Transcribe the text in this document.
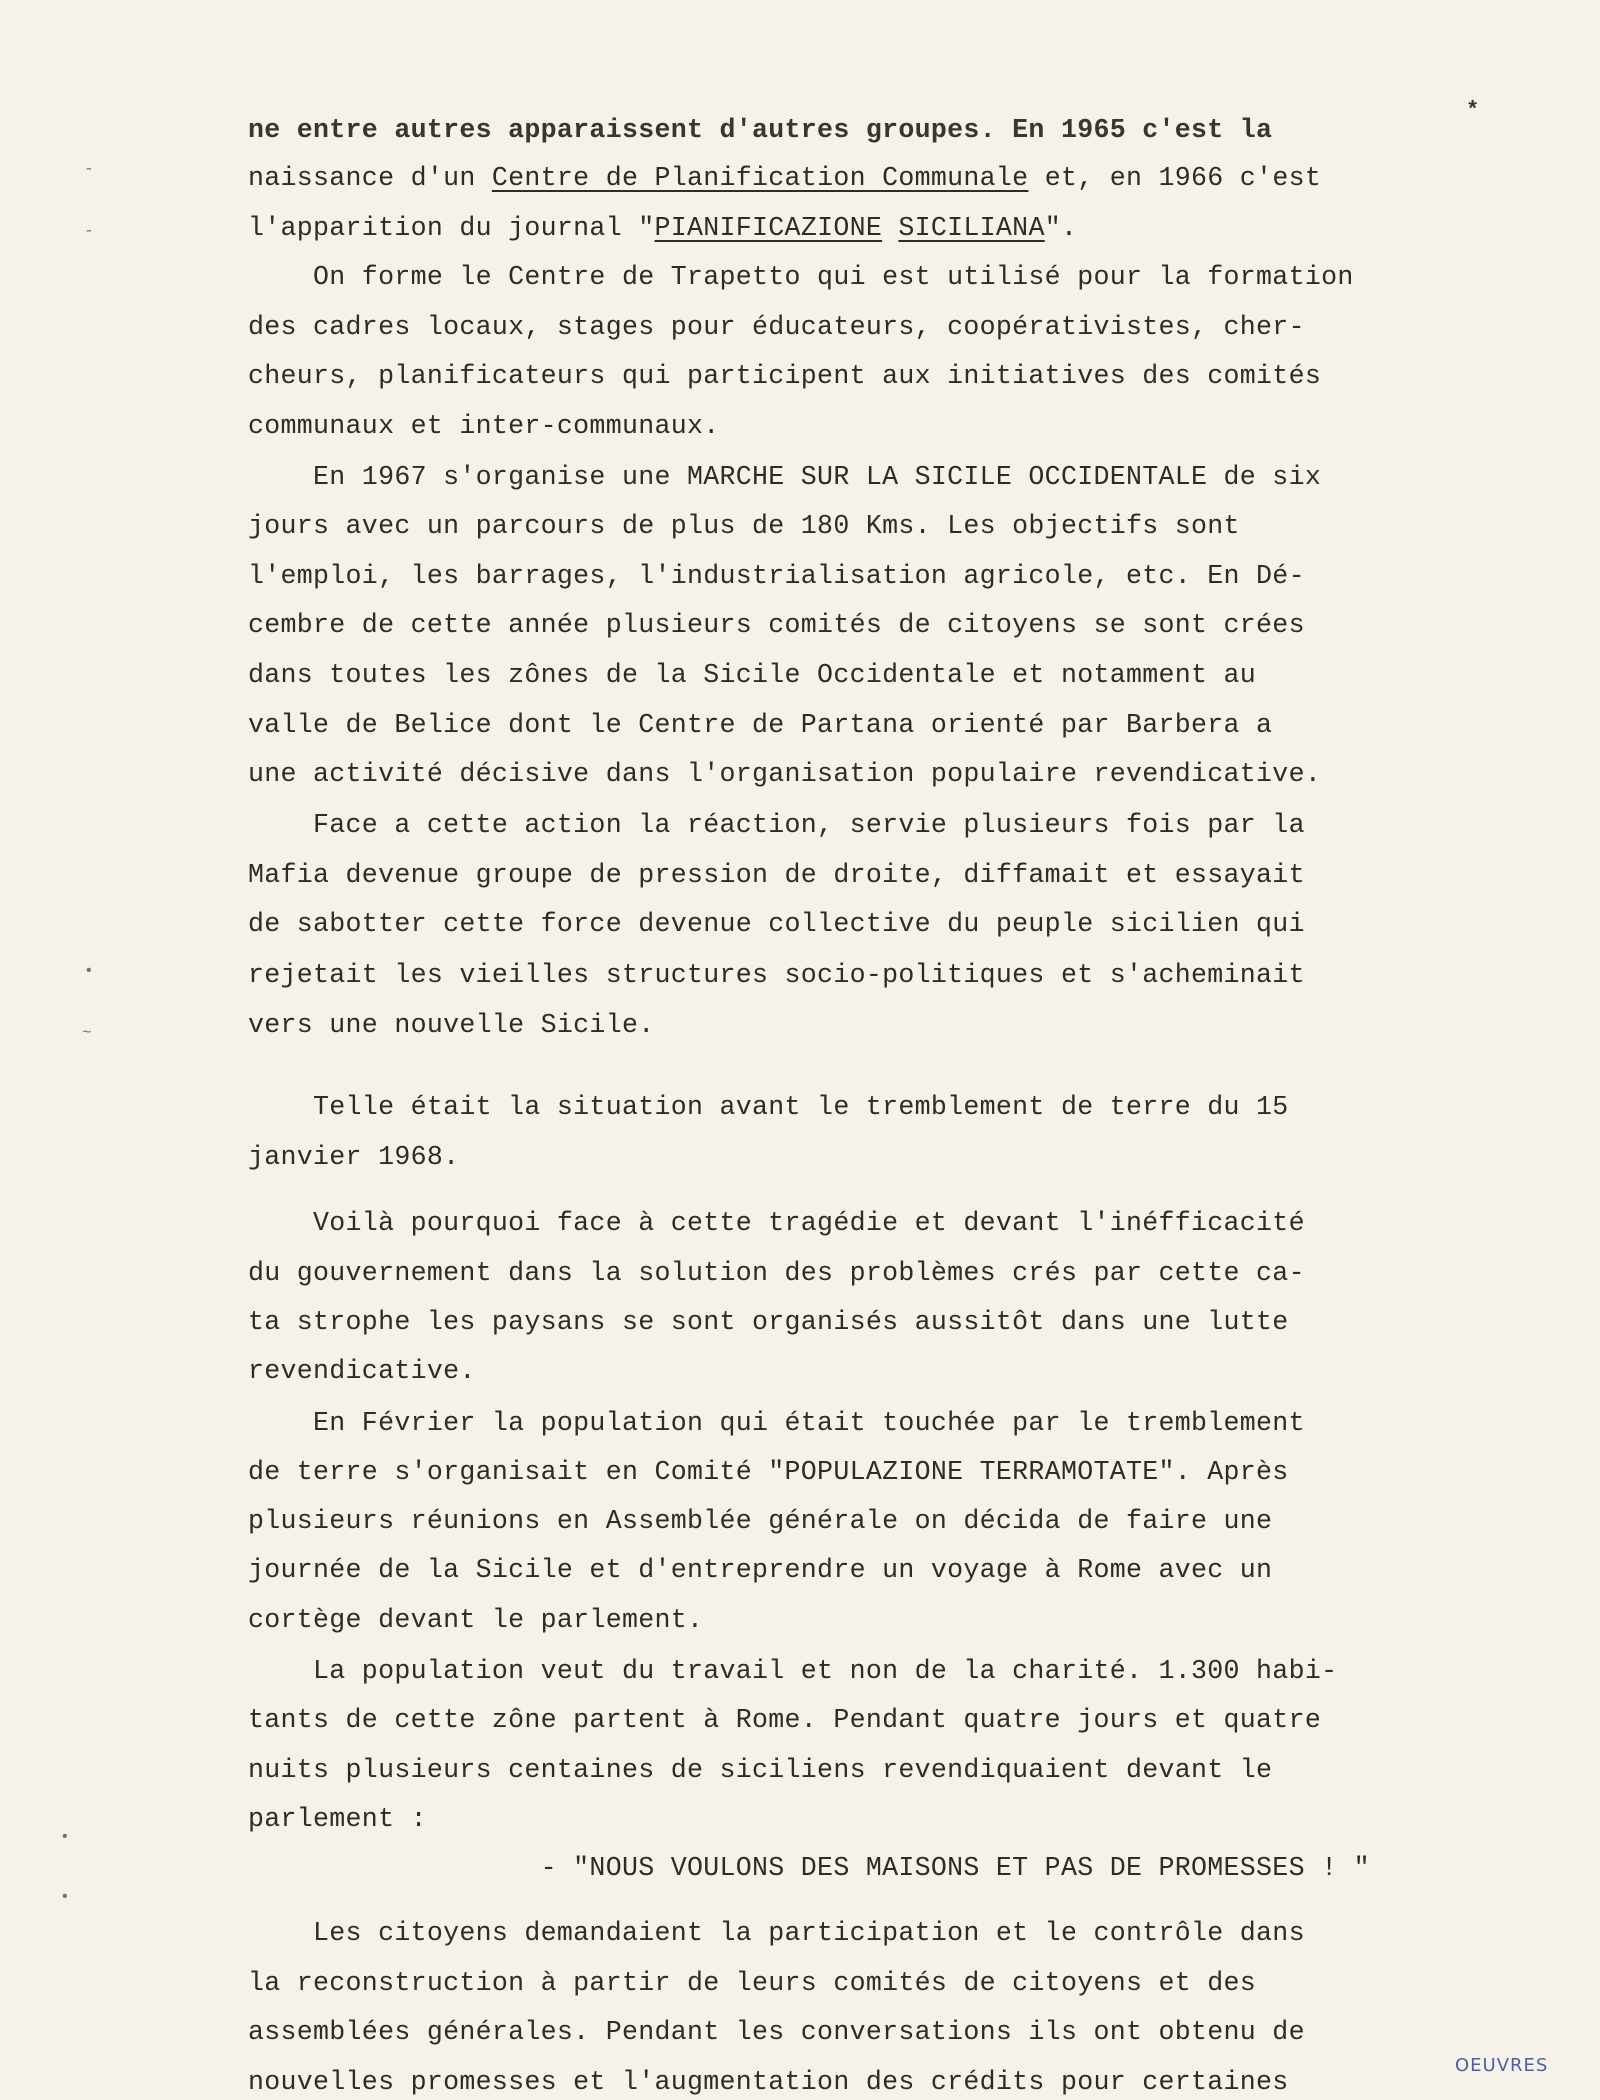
*
ne entre autres apparaissent d'autres groupes. En 1965 c'est la
naissance d'un Centre de Planification Communale et, en 1966 c'est
l'apparition du journal "PIANIFICAZIONE SICILIANA".
On forme le Centre de Trapetto qui est utilisé pour la formation
des cadres locaux, stages pour éducateurs, coopérativistes, cher-
cheurs, planificateurs qui participent aux initiatives des comités
communaux et inter-communaux.
En 1967 s'organise une MARCHE SUR LA SICILE OCCIDENTALE de six
jours avec un parcours de plus de 180 Kms. Les objectifs sont
l'emploi, les barrages, l'industrialisation agricole, etc. En Dé-
cembre de cette année plusieurs comités de citoyens se sont crées
dans toutes les zônes de la Sicile Occidentale et notamment au
valle de Belice dont le Centre de Partana orienté par Barbera a
une activité décisive dans l'organisation populaire revendicative.
Face a cette action la réaction, servie plusieurs fois par la
Mafia devenue groupe de pression de droite, diffamait et essayait
de sabotter cette force devenue collective du peuple sicilien qui
rejetait les vieilles structures socio-politiques et s'acheminait
vers une nouvelle Sicile.
Telle était la situation avant le tremblement de terre du 15
janvier 1968.
Voilà pourquoi face à cette tragédie et devant l'inéfficacité
du gouvernement dans la solution des problèmes crés par cette ca-
ta strophe les paysans se sont organisés aussitôt dans une lutte
revendicative.
En Février la population qui était touchée par le tremblement
de terre s'organisait en Comité "POPULAZIONE TERRAMOTATE". Après
plusieurs réunions en Assemblée générale on décida de faire une
journée de la Sicile et d'entreprendre un voyage à Rome avec un
cortège devant le parlement.
La population veut du travail et non de la charité. 1.300 habi-
tants de cette zône partent à Rome. Pendant quatre jours et quatre
nuits plusieurs centaines de siciliens revendiquaient devant le
parlement :
- "NOUS VOULONS DES MAISONS ET PAS DE PROMESSES ! "
Les citoyens demandaient la participation et le contrôle dans
la reconstruction à partir de leurs comités de citoyens et des
assemblées générales. Pendant les conversations ils ont obtenu de
nouvelles promesses et l'augmentation des crédits pour certaines
OEUVRES
-
-
•
~
•
•
